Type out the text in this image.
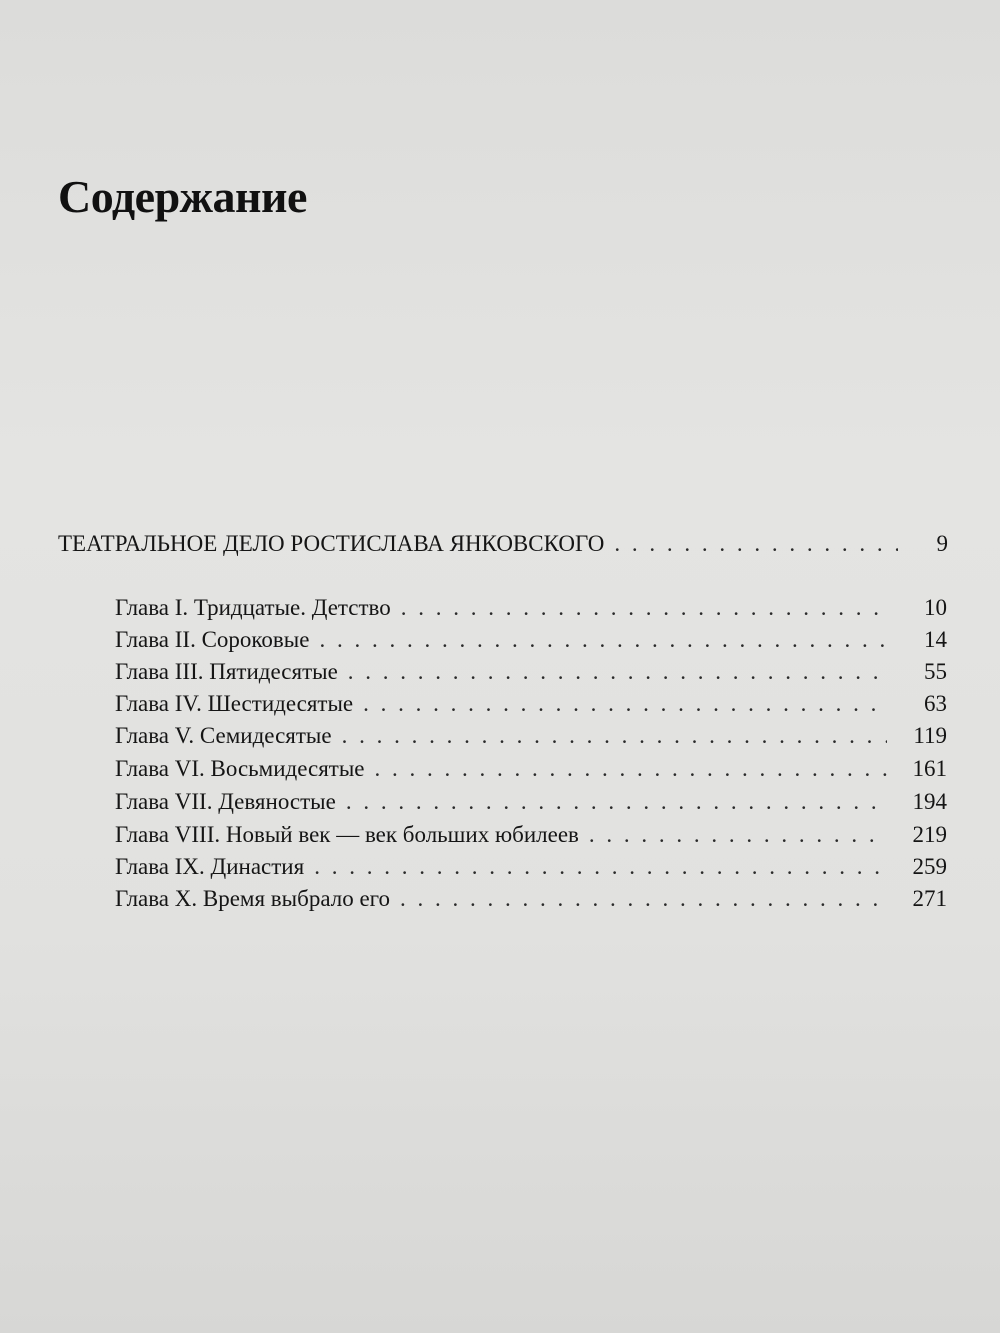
Содержание
ТЕАТРАЛЬНОЕ ДЕЛО РОСТИСЛАВА ЯНКОВСКОГО . . .	9
Глава I. Тридцатые. Детство . . .	10
Глава II. Сороковые . . .	14
Глава III. Пятидесятые . . .	55
Глава IV. Шестидесятые . . .	63
Глава V. Семидесятые . . .	119
Глава VI. Восьмидесятые . . .	161
Глава VII. Девяностые . . .	194
Глава VIII. Новый век — век больших юбилеев . . .	219
Глава IX. Династия . . .	259
Глава X. Время выбрало его . . .	271
